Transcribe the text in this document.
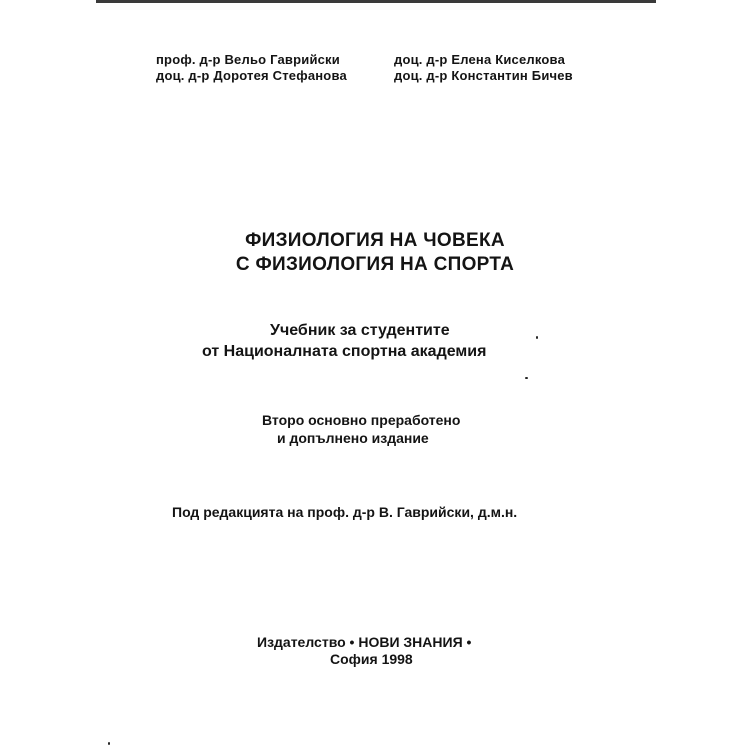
проф. д-р Вельо Гаврийски	доц. д-р Елена Киселкова
доц. д-р Доротея Стефанова	доц. д-р Константин Бичев
ФИЗИОЛОГИЯ НА ЧОВЕКА
С ФИЗИОЛОГИЯ НА СПОРТА
Учебник за студентите
от Националната спортна академия
Второ основно преработено
и допълнено издание
Под редакцията на проф. д-р В. Гаврийски, д.м.н.
Издателство • НОВИ ЗНАНИЯ •
София 1998
